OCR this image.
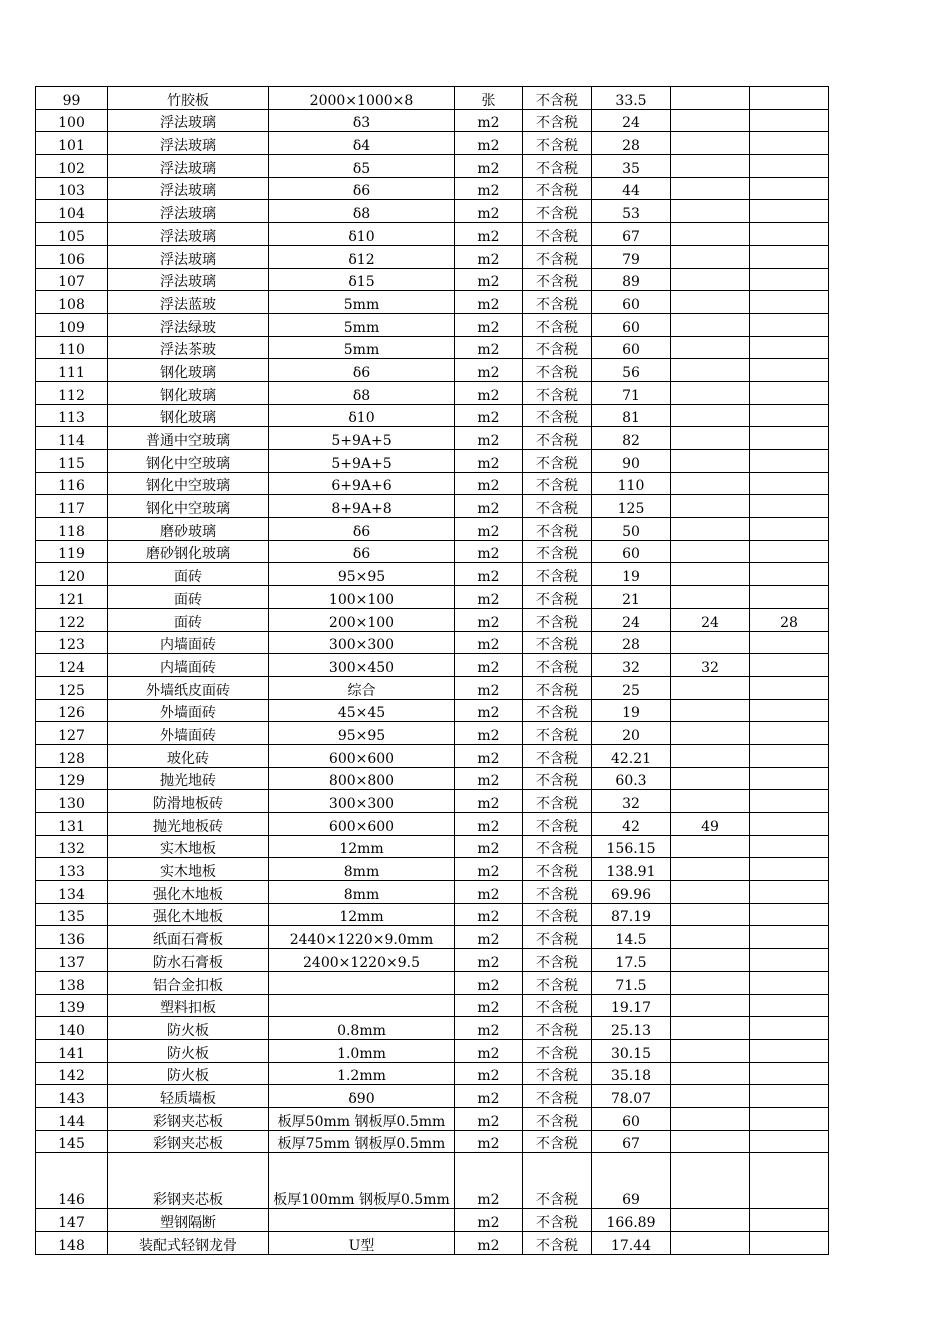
99	竹胶板	2000×1000×8	张	不含税	33.5		
100	浮法玻璃	δ3	m2	不含税	24		
101	浮法玻璃	δ4	m2	不含税	28		
102	浮法玻璃	δ5	m2	不含税	35		
103	浮法玻璃	δ6	m2	不含税	44		
104	浮法玻璃	δ8	m2	不含税	53		
105	浮法玻璃	δ10	m2	不含税	67		
106	浮法玻璃	δ12	m2	不含税	79		
107	浮法玻璃	δ15	m2	不含税	89		
108	浮法蓝玻	5mm	m2	不含税	60		
109	浮法绿玻	5mm	m2	不含税	60		
110	浮法茶玻	5mm	m2	不含税	60		
111	钢化玻璃	δ6	m2	不含税	56		
112	钢化玻璃	δ8	m2	不含税	71		
113	钢化玻璃	δ10	m2	不含税	81		
114	普通中空玻璃	5+9A+5	m2	不含税	82		
115	钢化中空玻璃	5+9A+5	m2	不含税	90		
116	钢化中空玻璃	6+9A+6	m2	不含税	110		
117	钢化中空玻璃	8+9A+8	m2	不含税	125		
118	磨砂玻璃	δ6	m2	不含税	50		
119	磨砂钢化玻璃	δ6	m2	不含税	60		
120	面砖	95×95	m2	不含税	19		
121	面砖	100×100	m2	不含税	21		
122	面砖	200×100	m2	不含税	24	24	28
123	内墙面砖	300×300	m2	不含税	28		
124	内墙面砖	300×450	m2	不含税	32	32	
125	外墙纸皮面砖	综合	m2	不含税	25		
126	外墙面砖	45×45	m2	不含税	19		
127	外墙面砖	95×95	m2	不含税	20		
128	玻化砖	600×600	m2	不含税	42.21		
129	抛光地砖	800×800	m2	不含税	60.3		
130	防滑地板砖	300×300	m2	不含税	32		
131	抛光地板砖	600×600	m2	不含税	42	49	
132	实木地板	12mm	m2	不含税	156.15		
133	实木地板	8mm	m2	不含税	138.91		
134	强化木地板	8mm	m2	不含税	69.96		
135	强化木地板	12mm	m2	不含税	87.19		
136	纸面石膏板	2440×1220×9.0mm	m2	不含税	14.5		
137	防水石膏板	2400×1220×9.5	m2	不含税	17.5		
138	铝合金扣板		m2	不含税	71.5		
139	塑料扣板		m2	不含税	19.17		
140	防火板	0.8mm	m2	不含税	25.13		
141	防火板	1.0mm	m2	不含税	30.15		
142	防火板	1.2mm	m2	不含税	35.18		
143	轻质墙板	δ90	m2	不含税	78.07		
144	彩钢夹芯板	板厚50mm 钢板厚0.5mm	m2	不含税	60		
145	彩钢夹芯板	板厚75mm 钢板厚0.5mm	m2	不含税	67		
146	彩钢夹芯板	板厚100mm 钢板厚0.5mm	m2	不含税	69		
147	塑钢隔断		m2	不含税	166.89		
148	装配式轻钢龙骨	U型	m2	不含税	17.44		
